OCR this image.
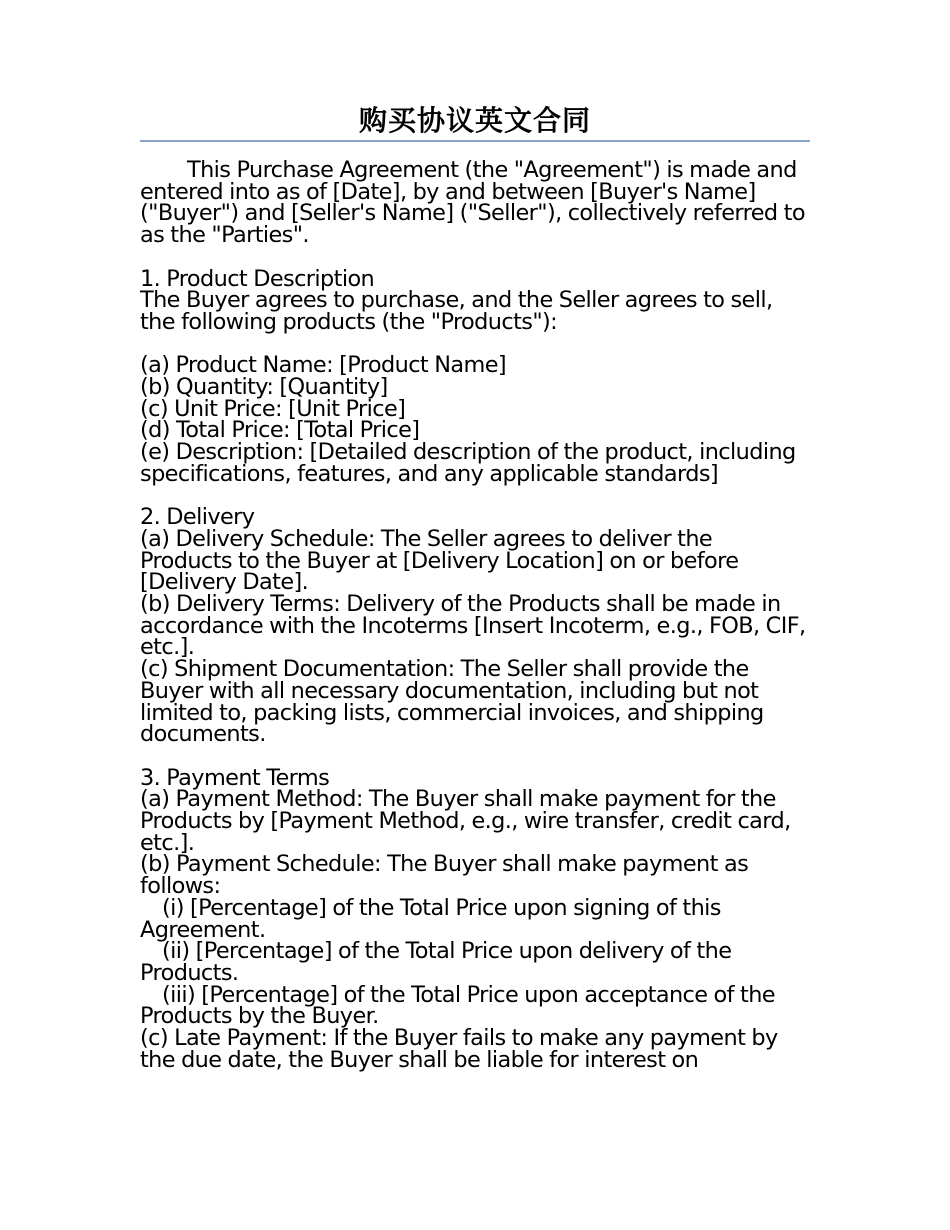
购买协议英文合同

This Purchase Agreement (the "Agreement") is made and entered into as of [Date], by and between [Buyer's Name] ("Buyer") and [Seller's Name] ("Seller"), collectively referred to as the "Parties".

1. Product Description

The Buyer agrees to purchase, and the Seller agrees to sell, the following products (the "Products"):

(a) Product Name: [Product Name]

(b) Quantity: [Quantity]

(c) Unit Price: [Unit Price]

(d) Total Price: [Total Price]

(e) Description: [Detailed description of the product, including specifications, features, and any applicable standards]

2. Delivery

(a) Delivery Schedule: The Seller agrees to deliver the Products to the Buyer at [Delivery Location] on or before [Delivery Date].

(b) Delivery Terms: Delivery of the Products shall be made in accordance with the Incoterms [Insert Incoterm, e.g., FOB, CIF, etc.].

(c) Shipment Documentation: The Seller shall provide the Buyer with all necessary documentation, including but not limited to, packing lists, commercial invoices, and shipping documents.

3. Payment Terms

(a) Payment Method: The Buyer shall make payment for the Products by [Payment Method, e.g., wire transfer, credit card, etc.].

(b) Payment Schedule: The Buyer shall make payment as follows:

(i) [Percentage] of the Total Price upon signing of this Agreement.

(ii) [Percentage] of the Total Price upon delivery of the Products.

(iii) [Percentage] of the Total Price upon acceptance of the Products by the Buyer.

(c) Late Payment: If the Buyer fails to make any payment by the due date, the Buyer shall be liable for interest on
